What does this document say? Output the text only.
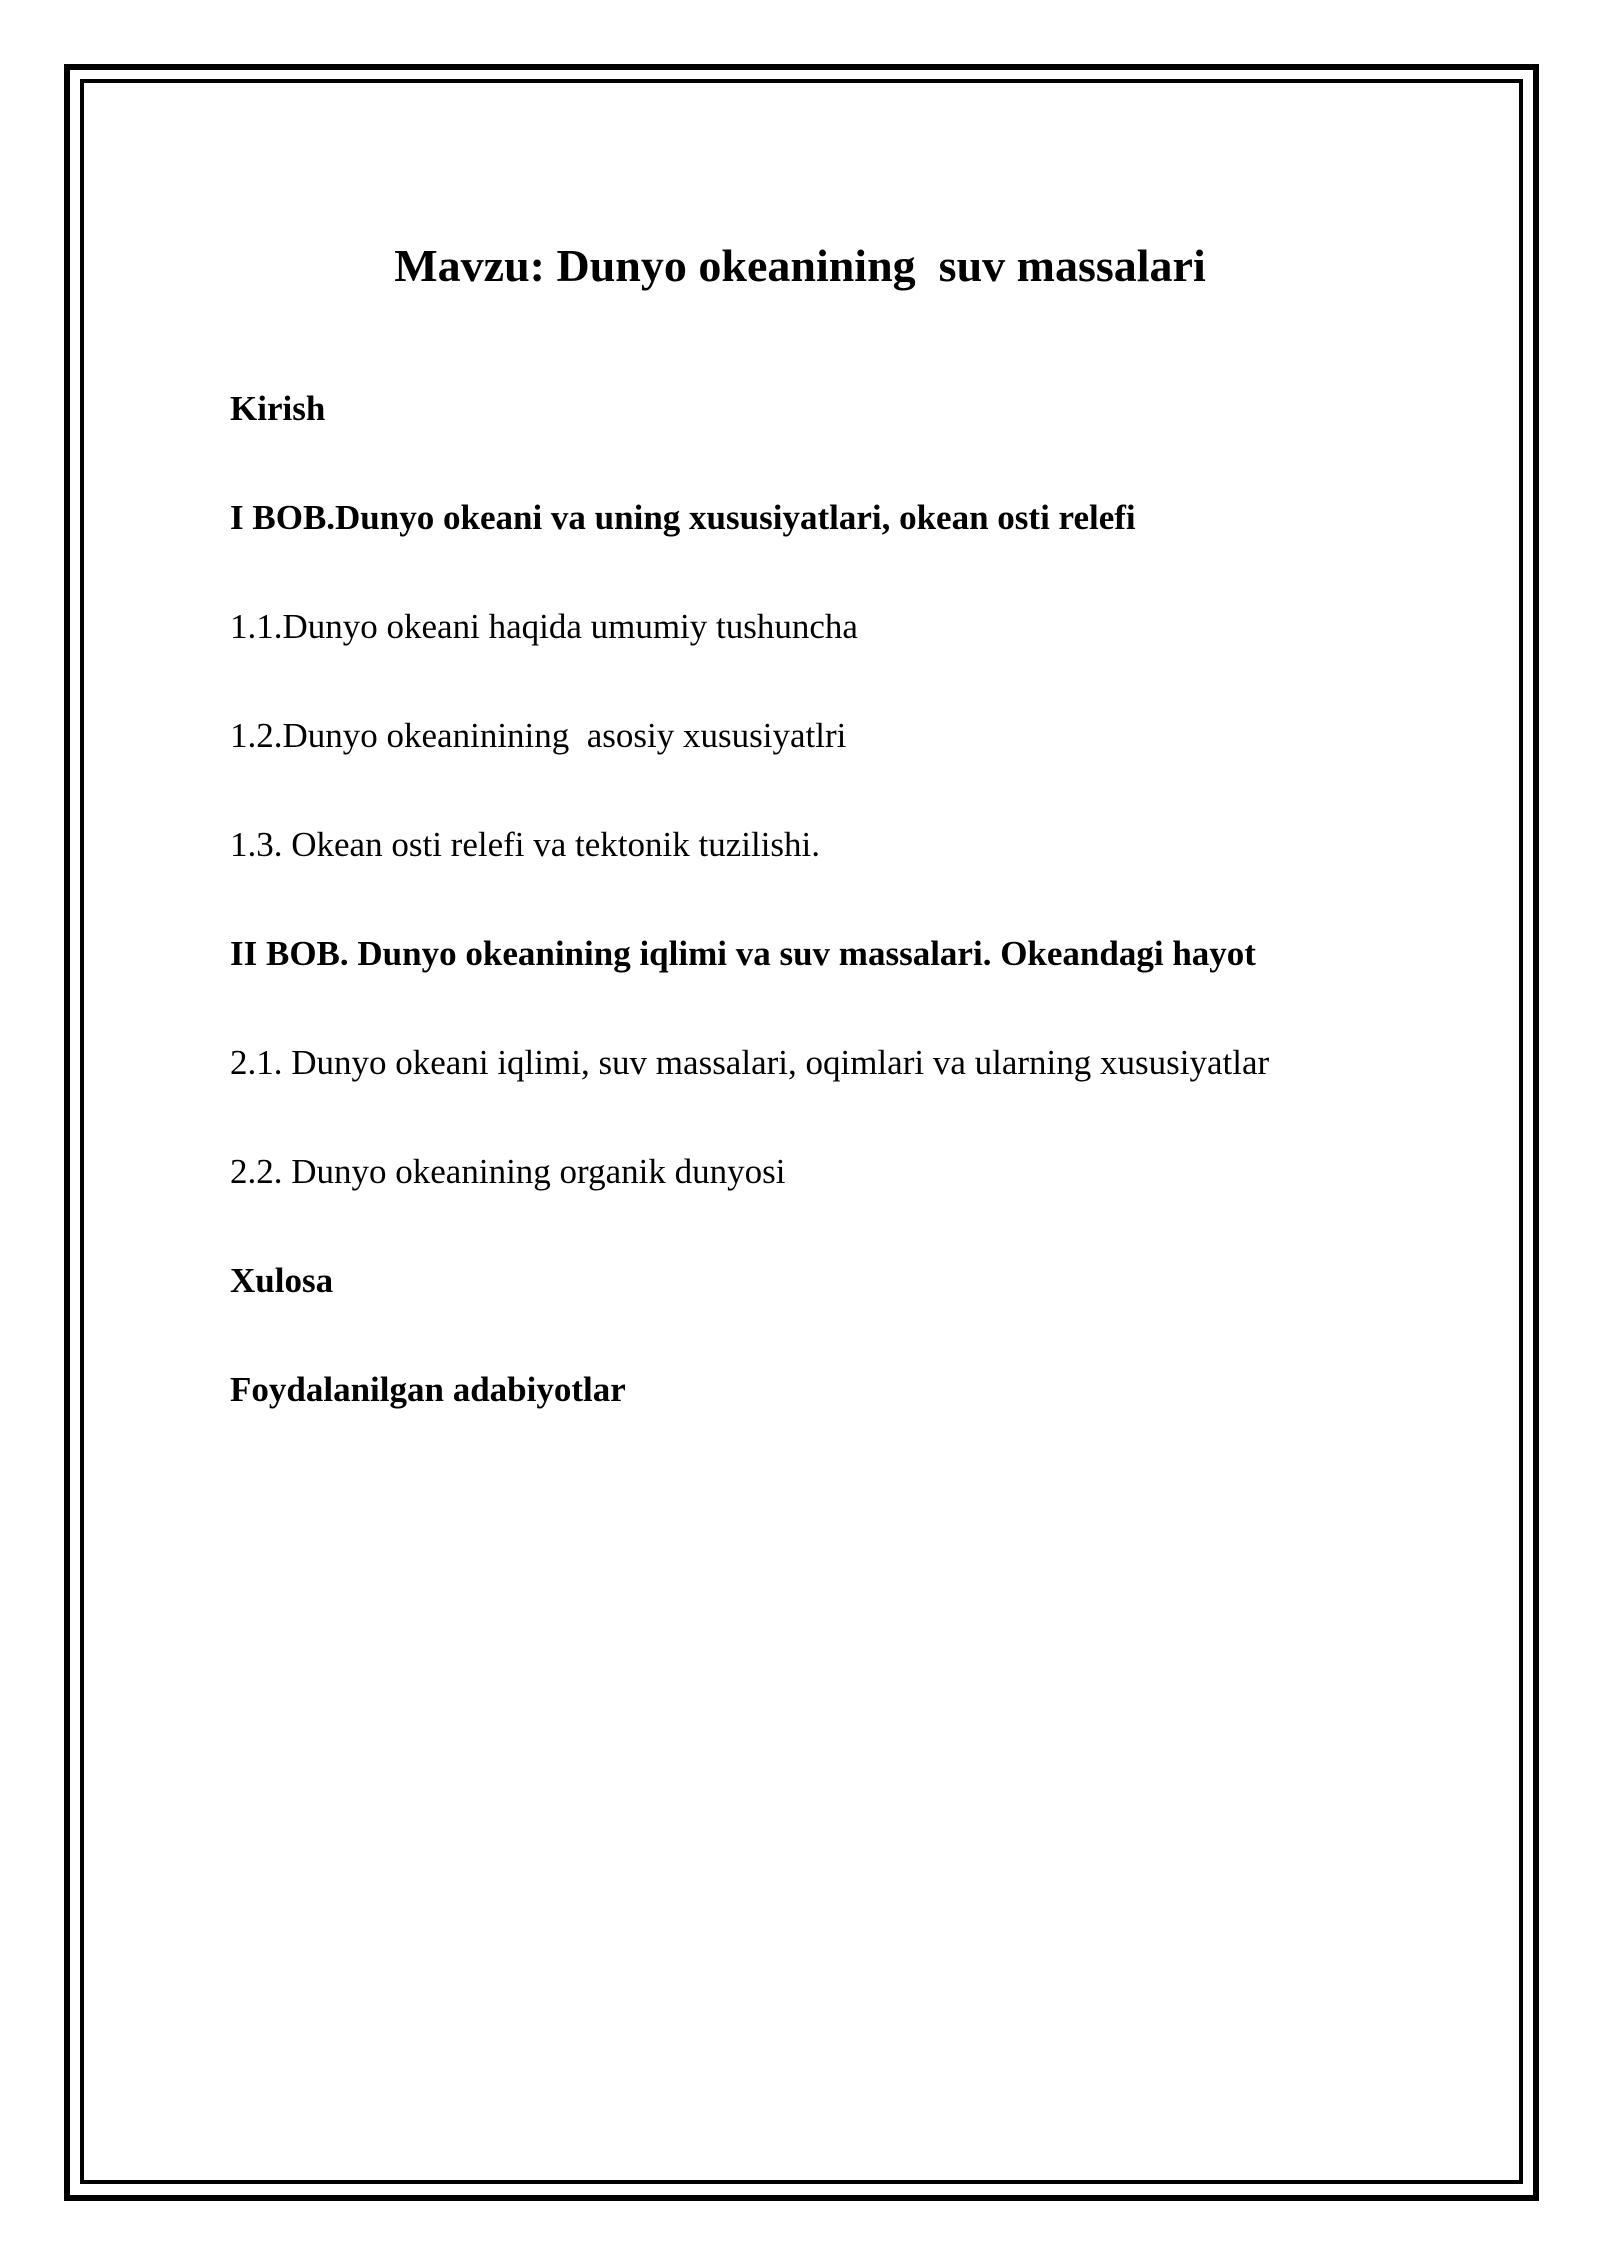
Mavzu: Dunyo okeanining  suv massalari
Kirish
I BOB.Dunyo okeani va uning xususiyatlari, okean osti relefi
1.1.Dunyo okeani haqida umumiy tushuncha
1.2.Dunyo okeaninining  asosiy xususiyatlri
1.3. Okean osti relefi va tektonik tuzilishi.
II BOB. Dunyo okeanining iqlimi va suv massalari. Okeandagi hayot
2.1. Dunyo okeani iqlimi, suv massalari, oqimlari va ularning xususiyatlar
2.2. Dunyo okeanining organik dunyosi
Xulosa
Foydalanilgan adabiyotlar
